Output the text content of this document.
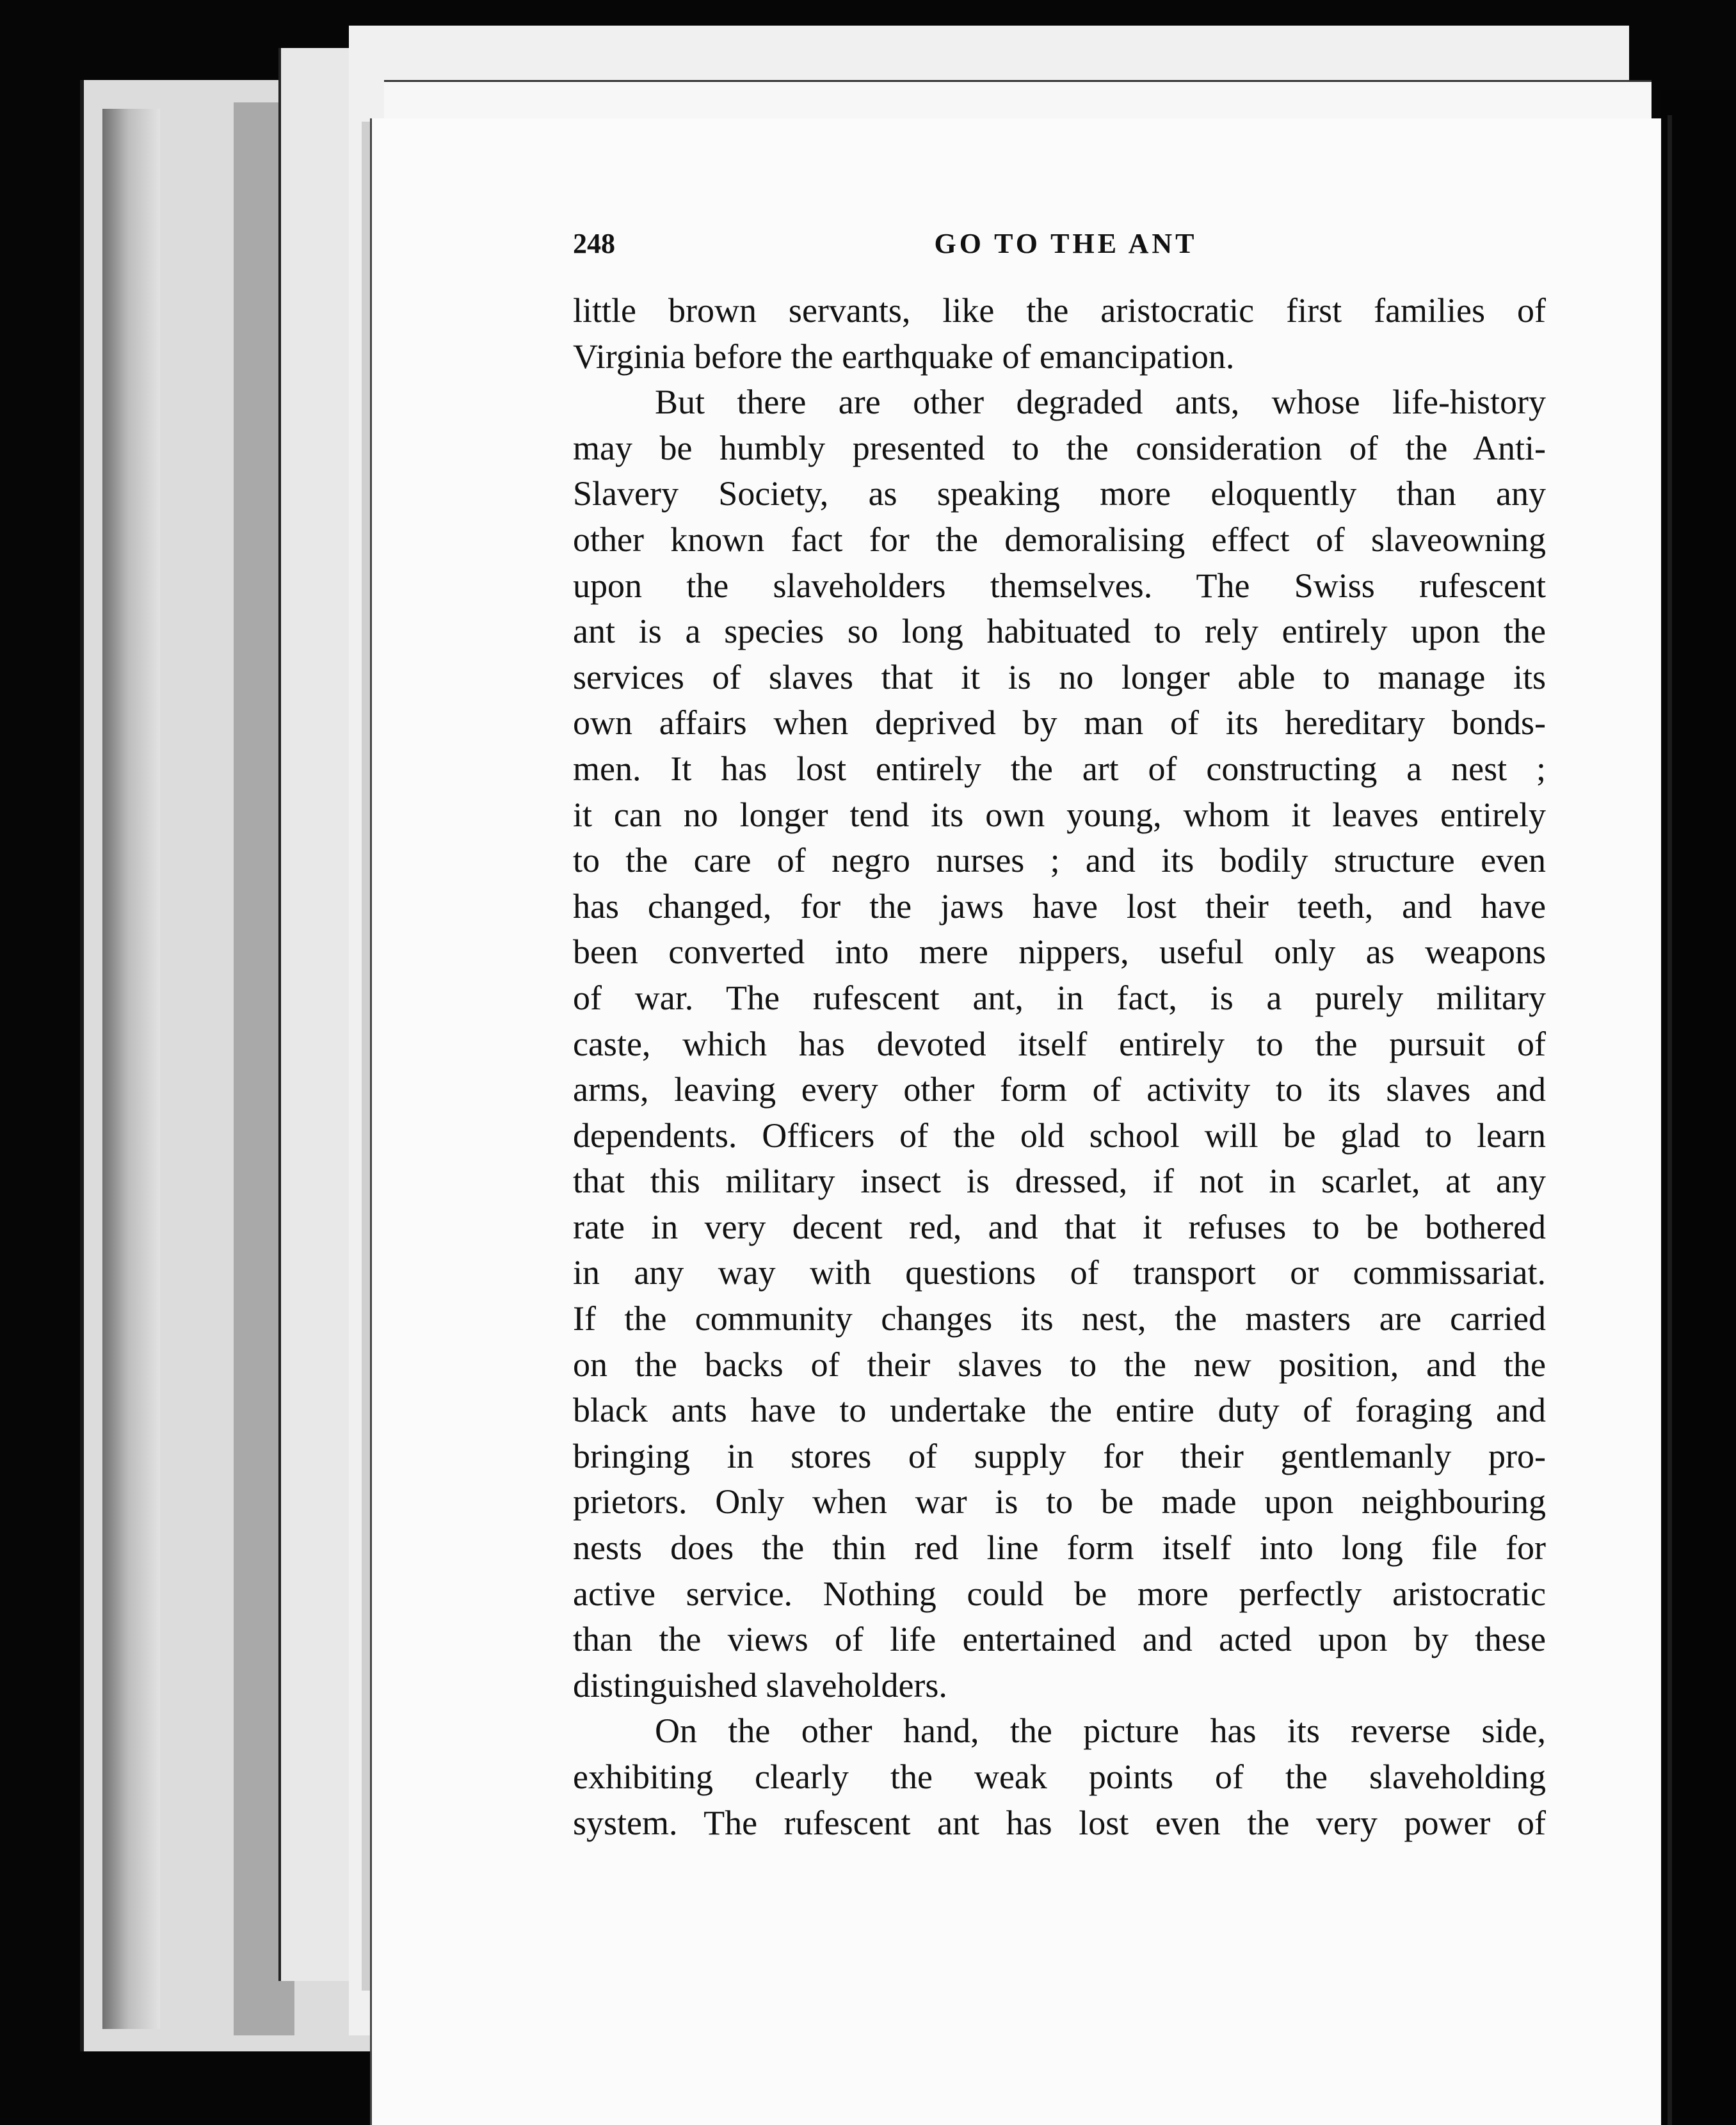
248	GO TO THE ANT
little brown servants, like the aristocratic first families of
Virginia before the earthquake of emancipation.
But there are other degraded ants, whose life-history
may be humbly presented to the consideration of the Anti-
Slavery Society, as speaking more eloquently than any
other known fact for the demoralising effect of slaveowning
upon the slaveholders themselves. The Swiss rufescent
ant is a species so long habituated to rely entirely upon the
services of slaves that it is no longer able to manage its
own affairs when deprived by man of its hereditary bonds-
men. It has lost entirely the art of constructing a nest ;
it can no longer tend its own young, whom it leaves entirely
to the care of negro nurses ; and its bodily structure even
has changed, for the jaws have lost their teeth, and have
been converted into mere nippers, useful only as weapons
of war. The rufescent ant, in fact, is a purely military
caste, which has devoted itself entirely to the pursuit of
arms, leaving every other form of activity to its slaves and
dependents. Officers of the old school will be glad to learn
that this military insect is dressed, if not in scarlet, at any
rate in very decent red, and that it refuses to be bothered
in any way with questions of transport or commissariat.
If the community changes its nest, the masters are carried
on the backs of their slaves to the new position, and the
black ants have to undertake the entire duty of foraging and
bringing in stores of supply for their gentlemanly pro-
prietors. Only when war is to be made upon neighbouring
nests does the thin red line form itself into long file for
active service. Nothing could be more perfectly aristocratic
than the views of life entertained and acted upon by these
distinguished slaveholders.
On the other hand, the picture has its reverse side,
exhibiting clearly the weak points of the slaveholding
system. The rufescent ant has lost even the very power of
